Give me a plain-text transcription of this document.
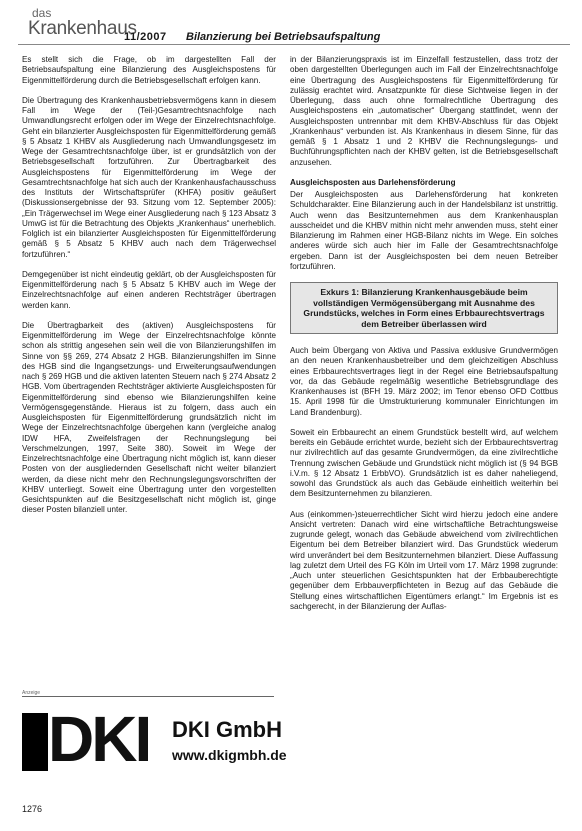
das
Krankenhaus
11/2007 Bilanzierung bei Betriebsaufspaltung

Es stellt sich die Frage, ob im dargestellten Fall der Betriebsaufspaltung eine Bilanzierung des Ausgleichspostens für Eigenmittelförderung durch die Betriebsgesellschaft erfolgen kann.

Die Übertragung des Krankenhausbetriebsvermögens kann in diesem Fall im Wege der (Teil-)Gesamtrechtsnachfolge nach Umwandlungsrecht erfolgen oder im Wege der Einzelrechtsnachfolge. Geht ein bilanzierter Ausgleichsposten für Eigenmittelförderung gemäß § 5 Absatz 1 KHBV als Ausgliederung nach Umwandlungsgesetz im Wege der Gesamtrechtsnachfolge über, ist er grundsätzlich von der Betriebsgesellschaft fortzuführen. Zur Übertragbarkeit des Ausgleichspostens für Eigenmittelförderung im Wege der Gesamtrechtsnachfolge hat sich auch der Krankenhausfachausschuss des Instituts der Wirtschaftsprüfer (KHFA) positiv geäußert (Diskussionsergebnisse der 93. Sitzung vom 12. September 2005): „Ein Trägerwechsel im Wege einer Ausgliederung nach § 123 Absatz 3 UmwG ist für die Betrachtung des Objekts „Krankenhaus“ unerheblich. Folglich ist ein bilanzierter Ausgleichsposten für Eigenmittelförderung gemäß § 5 Absatz 5 KHBV auch nach dem Trägerwechsel fortzuführen.“

Demgegenüber ist nicht eindeutig geklärt, ob der Ausgleichsposten für Eigenmittelförderung nach § 5 Absatz 5 KHBV auch im Wege der Einzelrechtsnachfolge auf einen anderen Rechtsträger übertragen werden kann.

Die Übertragbarkeit des (aktiven) Ausgleichspostens für Eigenmittelförderung im Wege der Einzelrechtsnachfolge könnte schon als strittig angesehen sein weil die von Bilanzierungshilfen im Sinne von §§ 269, 274 Absatz 2 HGB. Bilanzierungshilfen im Sinne des HGB sind die Ingangsetzungs- und Erweiterungsaufwendungen nach § 269 HGB und die aktiven latenten Steuern nach § 274 Absatz 2 HGB. Vom übertragenden Rechtsträger aktivierte Ausgleichsposten für Eigenmittelförderung sind ebenso wie Bilanzierungshilfen keine Vermögensgegenstände. Hieraus ist zu folgern, dass auch ein Ausgleichsposten für Eigenmittelförderung grundsätzlich nicht im Wege der Einzelrechtsnachfolge übergehen kann (vergleiche analog IDW HFA, Zweifelsfragen der Rechnungslegung bei Verschmelzungen, 1997, Seite 380). Soweit im Wege der Einzelrechtsnachfolge eine Übertragung nicht möglich ist, kann dieser Posten von der ausgliedernden Gesellschaft nicht weiter bilanziert werden, da diese nicht mehr den Rechnungslegungsvorschriften der KHBV unterliegt. Soweit eine Übertragung unter den vorgestellten Gesichtspunkten auf die Besitzgesellschaft nicht möglich ist, ginge dieser Posten bilanziell unter.

in der Bilanzierungspraxis ist im Einzelfall festzustellen, dass trotz der oben dargestellten Überlegungen auch im Fall der Einzelrechtsnachfolge eine Übertragung des Ausgleichspostens für Eigenmittelförderung für zulässig erachtet wird. Ansatzpunkte für diese Sichtweise liegen in der Überlegung, dass auch ohne formalrechtliche Übertragung des Ausgleichspostens ein „automatischer“ Übergang stattfindet, wenn der Ausgleichsposten untrennbar mit dem KHBV-Abschluss für das Objekt „Krankenhaus“ verbunden ist. Als Krankenhaus in diesem Sinne, für das gemäß § 1 Absatz 1 und 2 KHBV die Rechnungslegungs- und Buchführungspflichten nach der KHBV gelten, ist die Betriebsgesellschaft anzusehen.

Ausgleichsposten aus Darlehensförderung

Der Ausgleichsposten aus Darlehensförderung hat konkreten Schuldcharakter. Eine Bilanzierung auch in der Handelsbilanz ist unstrittig. Auch wenn das Besitzunternehmen aus dem Krankenhausplan ausscheidet und die KHBV mithin nicht mehr anwenden muss, steht einer Bilanzierung im Rahmen einer HGB-Bilanz nichts im Wege. Ein solches anderes würde sich auch hier im Falle der Gesamtrechtsnachfolge ergeben. Dann ist der Ausgleichsposten bei dem neuen Betreiber fortzuführen.

Exkurs 1: Bilanzierung Krankenhausgebäude beim vollständigen Vermögensübergang mit Ausnahme des Grundstücks, welches in Form eines Erbbaurechtsvertrags dem Betreiber überlassen wird

Auch beim Übergang von Aktiva und Passiva exklusive Grundvermögen an den neuen Krankenhausbetreiber und dem gleichzeitigen Abschluss eines Erbbaurechtsvertrages liegt in der Regel eine Betriebsaufspaltung vor, da das Gebäude regelmäßig wesentliche Betriebsgrundlage des Krankenhauses ist (BFH 19. März 2002; im Tenor ebenso OFD Cottbus 15. April 1998 für die Umstrukturierung kommunaler Einrichtungen im Land Brandenburg).

Soweit ein Erbbaurecht an einem Grundstück bestellt wird, auf welchem bereits ein Gebäude errichtet wurde, bezieht sich der Erbbaurechtsvertrag nur zivilrechtlich auf das gesamte Grundvermögen, da eine zivilrechtliche Trennung zwischen Gebäude und Grundstück nicht möglich ist (§ 94 BGB i.V.m. § 12 Absatz 1 ErbbVO). Grundsätzlich ist es daher naheliegend, sowohl das Grundstück als auch das Gebäude einheitlich weiterhin bei dem Besitzunternehmen zu bilanzieren.

Aus (einkommen-)steuerrechtlicher Sicht wird hierzu jedoch eine andere Ansicht vertreten: Danach wird eine wirtschaftliche Betrachtungsweise zugrunde gelegt, wonach das Gebäude abweichend vom zivilrechtlichen Eigentum bei dem Betreiber bilanziert wird. Das Grundstück wiederum wird unverändert bei dem Besitzunternehmen bilanziert. Diese Auffassung lag zuletzt dem Urteil des FG Köln im Urteil vom 17. März 1998 zugrunde: „Auch unter steuerlichen Gesichtspunkten hat der Erbbauberechtigte gegenüber dem Erbbauverpflichteten in Bezug auf das Gebäude die Stellung eines wirtschaftlichen Eigentümers erlangt.“ Im Ergebnis ist es sachgerecht, in der Bilanzierung der Auflas-

Anzeige
DKI DKI GmbH
www.dkigmbh.de
1276
